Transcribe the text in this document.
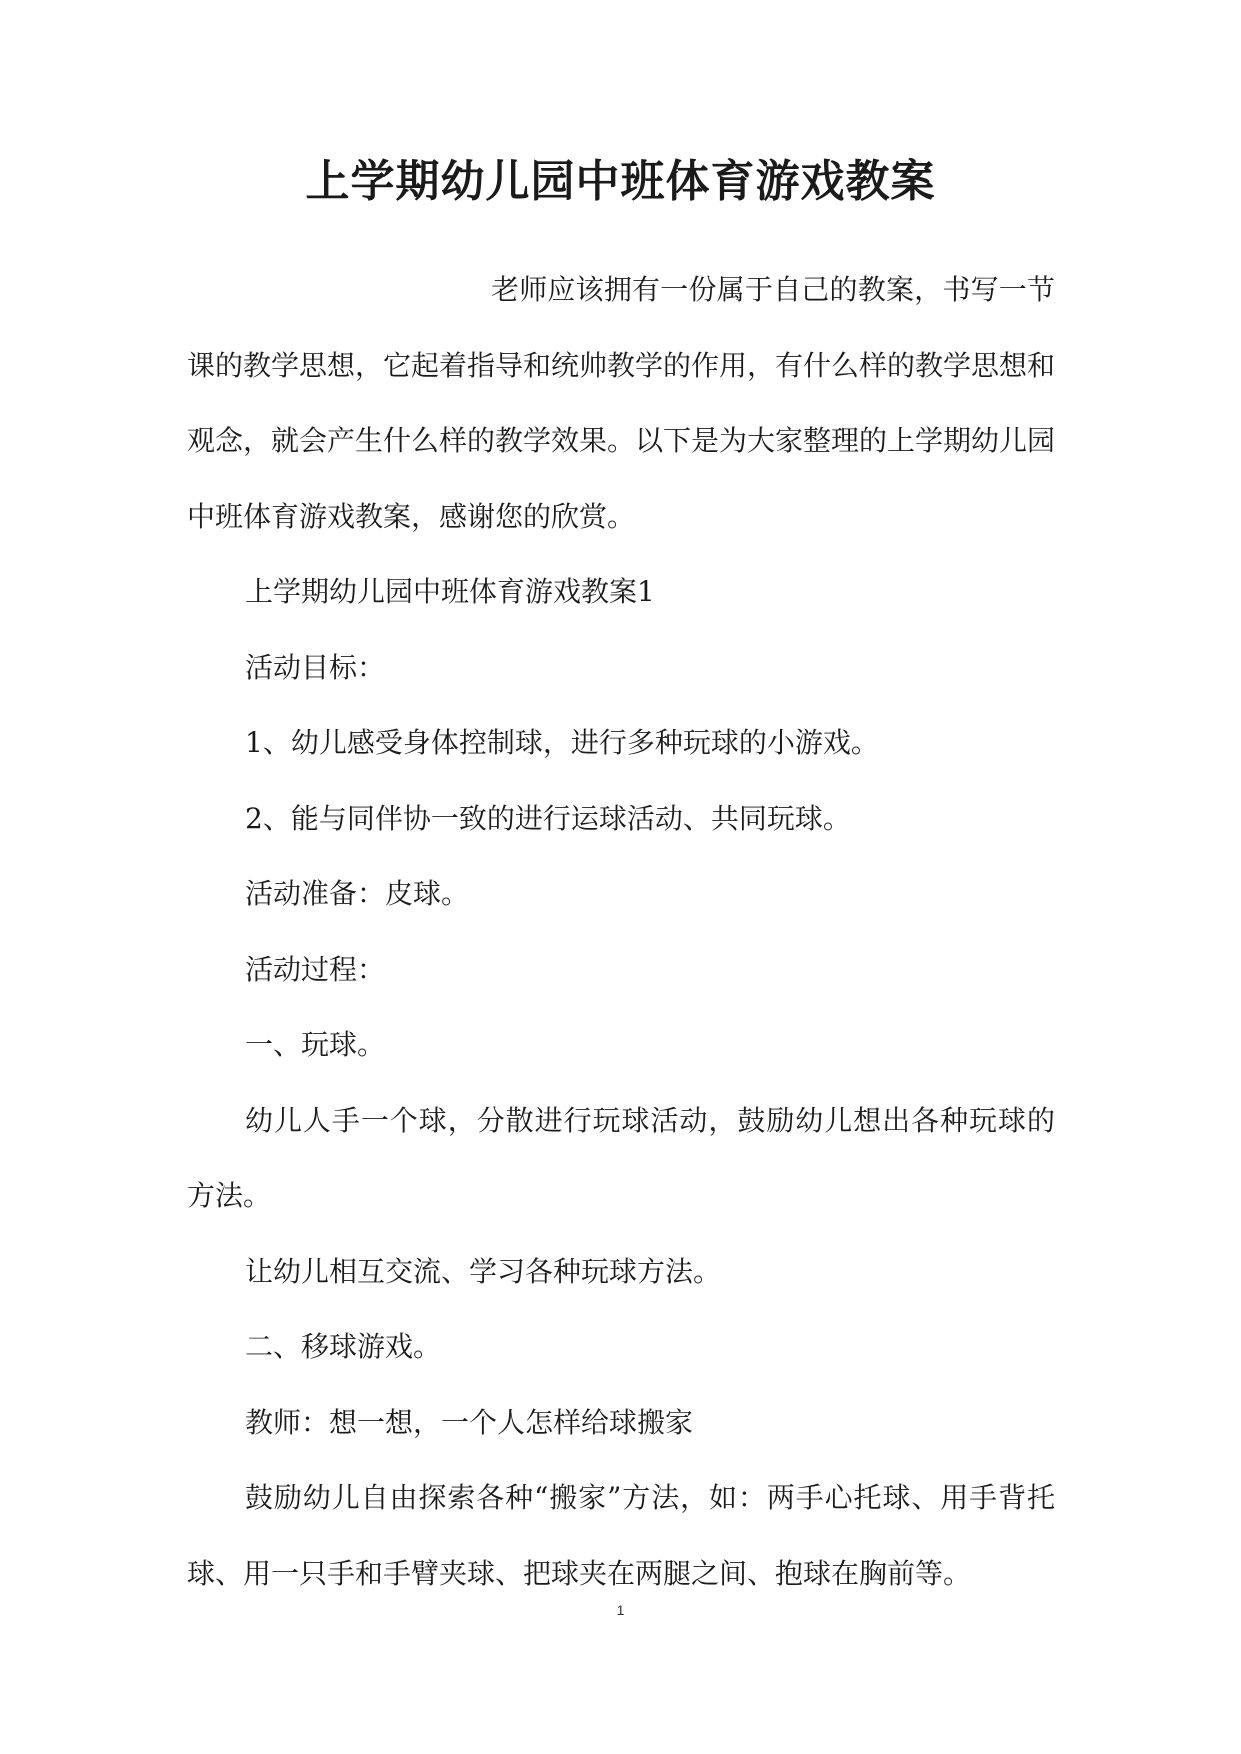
上学期幼儿园中班体育游戏教案

老师应该拥有一份属于自己的教案，书写一节课的教学思想，它起着指导和统帅教学的作用，有什么样的教学思想和观念，就会产生什么样的教学效果。以下是为大家整理的上学期幼儿园中班体育游戏教案，感谢您的欣赏。

上学期幼儿园中班体育游戏教案1

活动目标：

1、幼儿感受身体控制球，进行多种玩球的小游戏。

2、能与同伴协一致的进行运球活动、共同玩球。

活动准备：皮球。

活动过程：

一、玩球。

幼儿人手一个球，分散进行玩球活动，鼓励幼儿想出各种玩球的方法。

让幼儿相互交流、学习各种玩球方法。

二、移球游戏。

教师：想一想，一个人怎样给球搬家

鼓励幼儿自由探索各种“搬家”方法，如：两手心托球、用手背托球、用一只手和手臂夹球、把球夹在两腿之间、抱球在胸前等。

1
